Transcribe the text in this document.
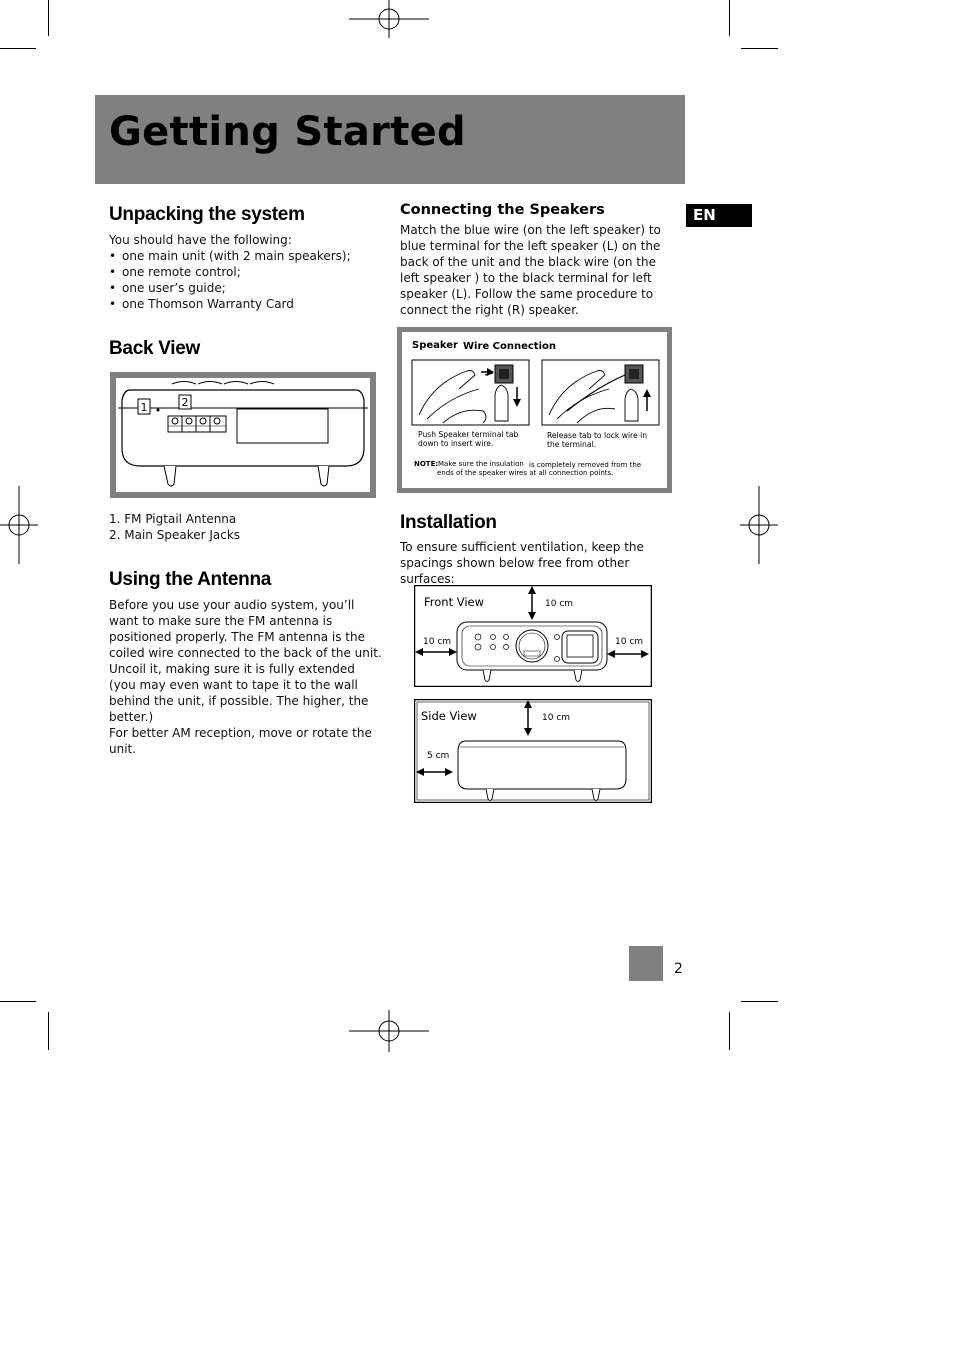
Getting Started
EN
Unpacking the system

You should have the following:

• one main unit (with 2 main speakers);
• one remote control;
• one user’s guide;
• one Thomson Warranty Card
Back View
1	2

1. FM Pigtail Antenna

2. Main Speaker Jacks

Using the Antenna

Before you use your audio system, you’ll want to make sure the FM antenna is positioned properly. The FM antenna is the coiled wire connected to the back of the unit. Uncoil it, making sure it is fully extended (you may even want to tape it to the wall behind the unit, if possible. The higher, the better.)

For better AM reception, move or rotate the unit.

Connecting the Speakers
Match the blue wire (on the left speaker) to blue terminal for the left speaker (L) on the back of the unit and the black wire (on the left speaker ) to the black terminal for left speaker (L). Follow the same procedure to connect the right (R) speaker.
Speaker Wire Connection
Push Speaker terminal tab down to insert wire.
Release tab to lock wire in the terminal.
NOTE: Make sure the insulation is completely removed from the
ends of the speaker wires at all connection points.
Installation
To ensure sufficient ventilation, keep the spacings shown below free from other surfaces:
Front View	10 cm
10 cm	10 cm
Side View	10 cm
5 cm
2
